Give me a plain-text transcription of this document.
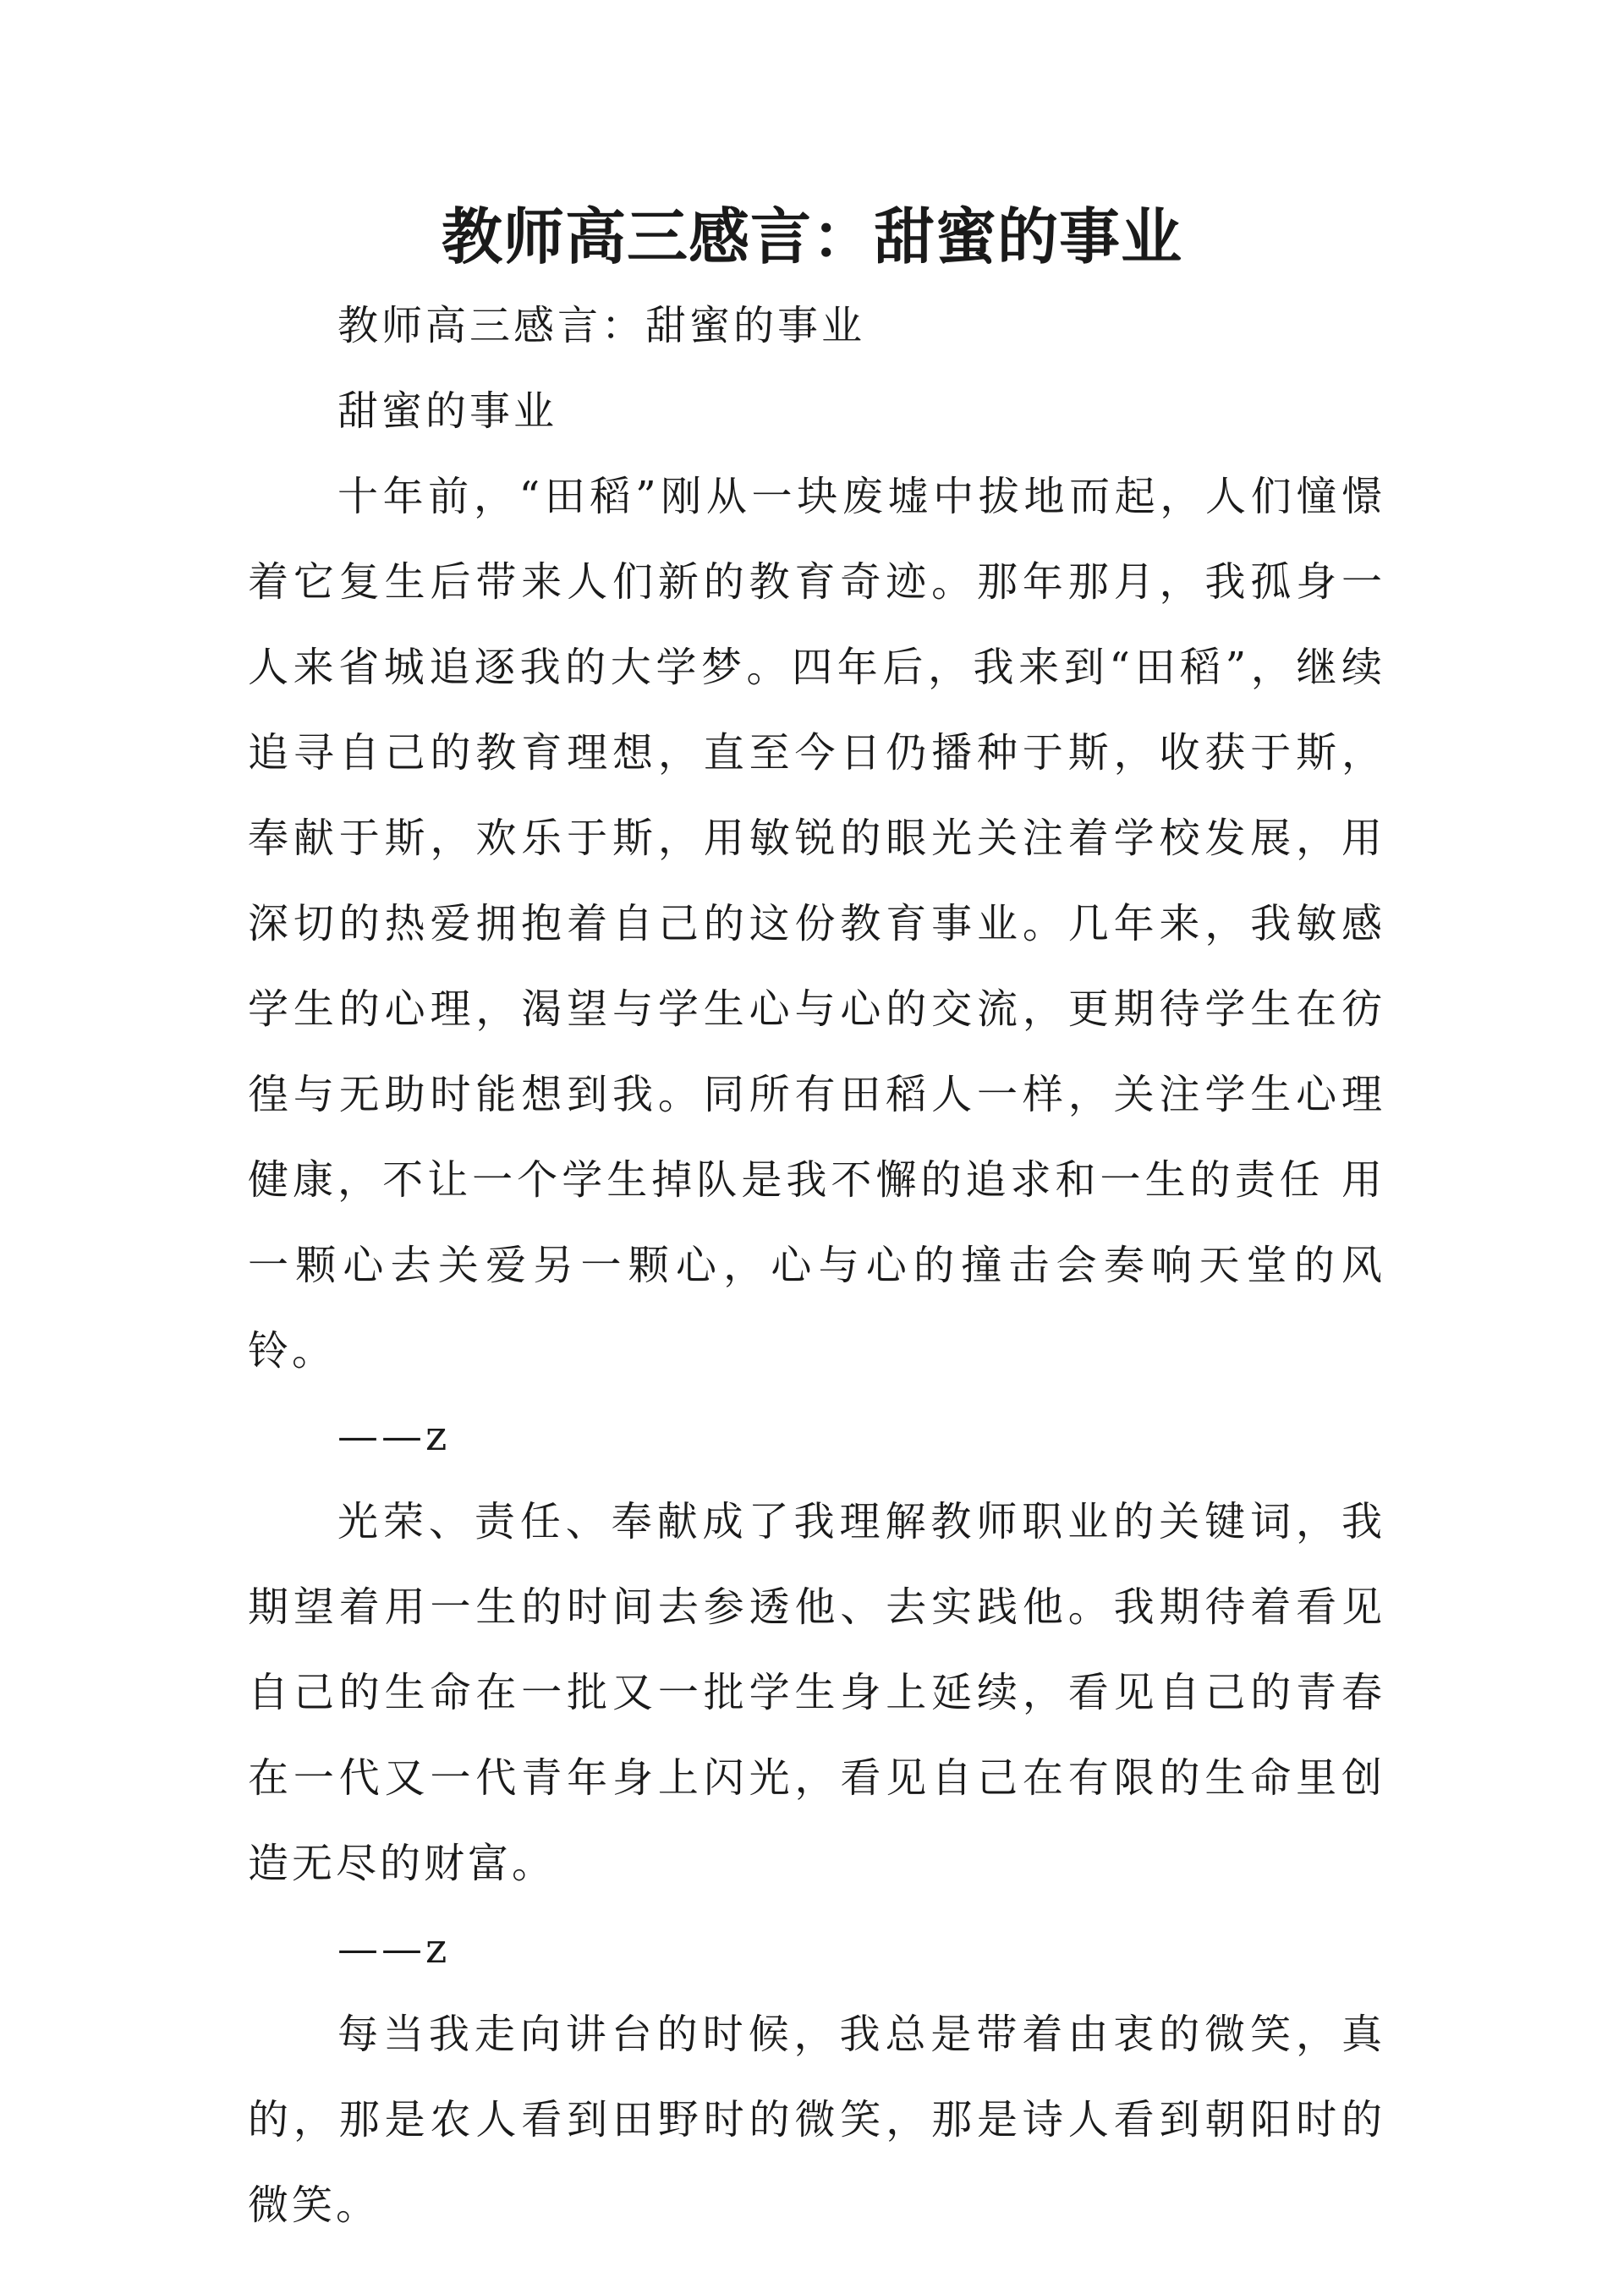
教师高三感言：甜蜜的事业

教师高三感言：甜蜜的事业

甜蜜的事业

十年前，“田稻”刚从一块废墟中拔地而起，人们憧憬着它复生后带来人们新的教育奇迹。那年那月，我孤身一人来省城追逐我的大学梦。四年后，我来到“田稻”，继续追寻自己的教育理想，直至今日仍播种于斯，收获于斯，奉献于斯，欢乐于斯，用敏锐的眼光关注着学校发展，用深切的热爱拥抱着自己的这份教育事业。几年来，我敏感学生的心理，渴望与学生心与心的交流，更期待学生在彷徨与无助时能想到我。同所有田稻人一样，关注学生心理健康，不让一个学生掉队是我不懈的追求和一生的责任 用一颗心去关爱另一颗心，心与心的撞击会奏响天堂的风铃。

——z

光荣、责任、奉献成了我理解教师职业的关键词，我期望着用一生的时间去参透他、去实践他。我期待着看见自己的生命在一批又一批学生身上延续，看见自己的青春在一代又一代青年身上闪光，看见自己在有限的生命里创造无尽的财富。

——z

每当我走向讲台的时候，我总是带着由衷的微笑，真的，那是农人看到田野时的微笑，那是诗人看到朝阳时的微笑。
